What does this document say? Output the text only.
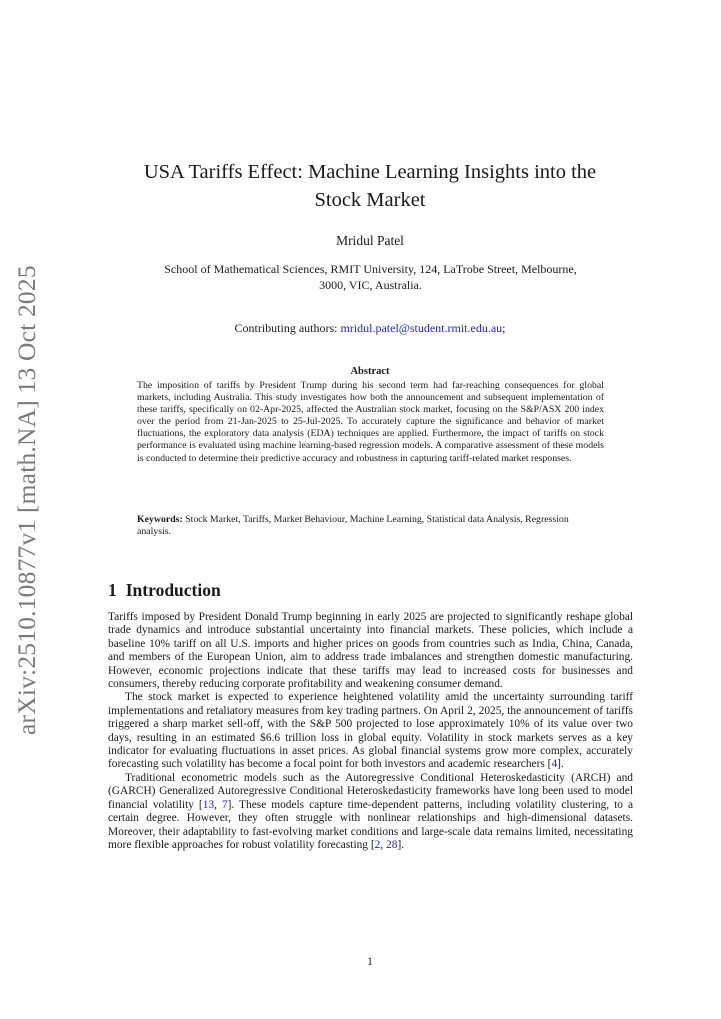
arXiv:2510.10877v1 [math.NA] 13 Oct 2025
USA Tariffs Effect: Machine Learning Insights into the
Stock Market
Mridul Patel
School of Mathematical Sciences, RMIT University, 124, LaTrobe Street, Melbourne,
3000, VIC, Australia.
Contributing authors: mridul.patel@student.rmit.edu.au;
Abstract
The imposition of tariffs by President Trump during his second term had far-reaching consequences for global markets, including Australia. This study investigates how both the announcement and subsequent implementation of these tariffs, specifically on 02-Apr-2025, affected the Australian stock market, focusing on the S&P/ASX 200 index over the period from 21-Jan-2025 to 25-Jul-2025. To accurately capture the significance and behavior of market fluctuations, the exploratory data analysis (EDA) techniques are applied. Furthermore, the impact of tariffs on stock performance is evaluated using machine learning-based regression models. A comparative assessment of these models is conducted to determine their predictive accuracy and robustness in capturing tariff-related market responses.
Keywords: Stock Market, Tariffs, Market Behaviour, Machine Learning, Statistical data Analysis, Regression analysis.
1 Introduction

Tariffs imposed by President Donald Trump beginning in early 2025 are projected to significantly reshape global trade dynamics and introduce substantial uncertainty into financial markets. These policies, which include a baseline 10% tariff on all U.S. imports and higher prices on goods from countries such as India, China, Canada, and members of the European Union, aim to address trade imbalances and strengthen domestic manufacturing. However, economic projections indicate that these tariffs may lead to increased costs for businesses and consumers, thereby reducing corporate profitability and weakening consumer demand.

The stock market is expected to experience heightened volatility amid the uncertainty surrounding tariff implementations and retaliatory measures from key trading partners. On April 2, 2025, the announcement of tariffs triggered a sharp market sell-off, with the S&P 500 projected to lose approximately 10% of its value over two days, resulting in an estimated $6.6 trillion loss in global equity. Volatility in stock markets serves as a key indicator for evaluating fluctuations in asset prices. As global financial systems grow more complex, accurately forecasting such volatility has become a focal point for both investors and academic researchers [4].

Traditional econometric models such as the Autoregressive Conditional Heteroskedasticity (ARCH) and (GARCH) Generalized Autoregressive Conditional Heteroskedasticity frameworks have long been used to model financial volatility [13, 7]. These models capture time-dependent patterns, including volatility clustering, to a certain degree. However, they often struggle with nonlinear relationships and high-dimensional datasets. Moreover, their adaptability to fast-evolving market conditions and large-scale data remains limited, necessitating more flexible approaches for robust volatility forecasting [2, 28].

1
